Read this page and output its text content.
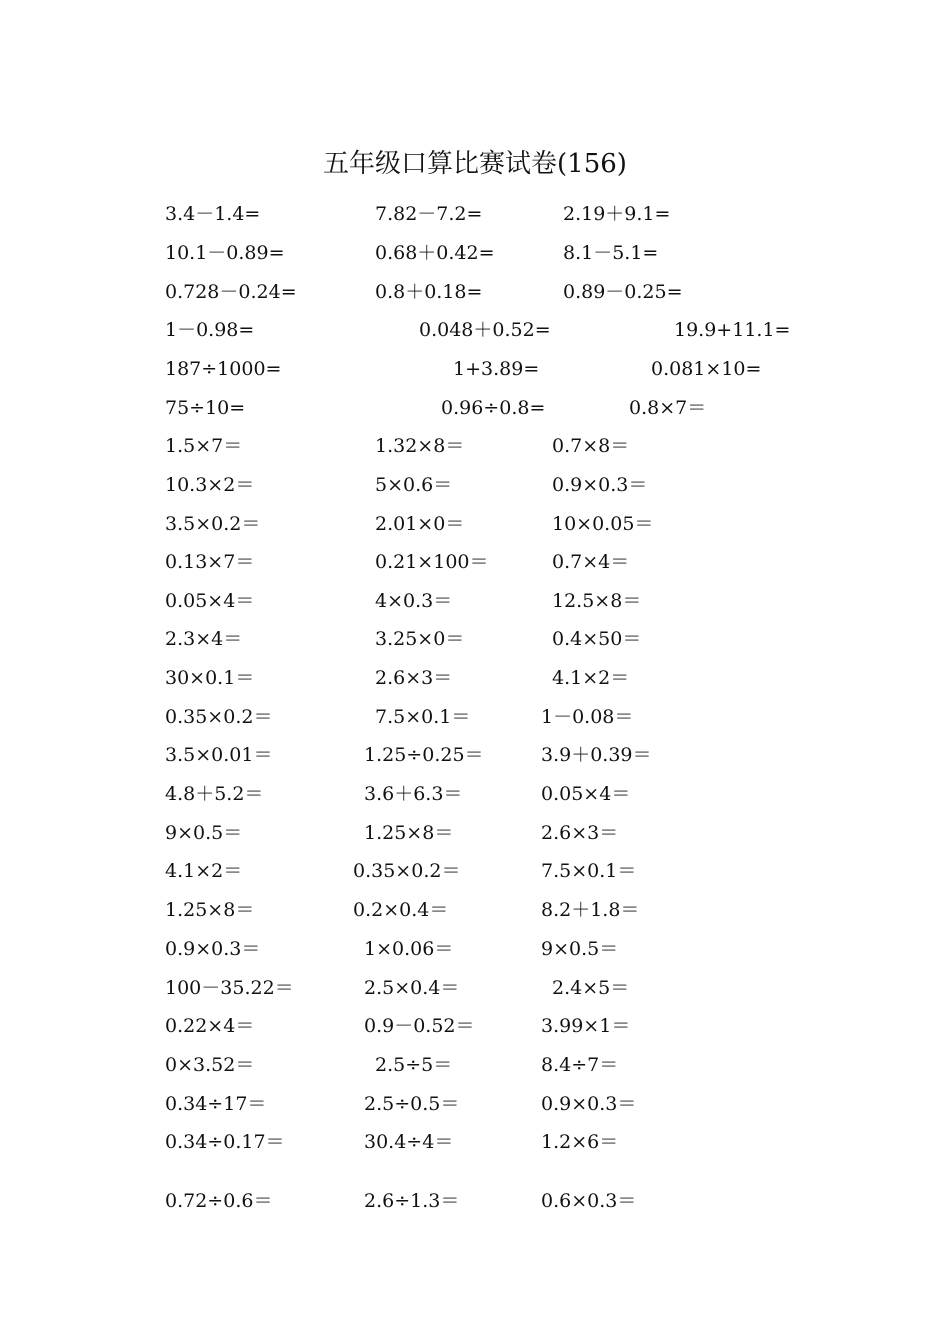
五年级口算比赛试卷(156)
3.4－1.4=	7.82－7.2=	2.19＋9.1=
10.1－0.89=	0.68＋0.42=	8.1－5.1=
0.728－0.24=	0.8＋0.18=	0.89－0.25=
1－0.98=	0.048＋0.52=	19.9+11.1=
187÷1000=	1+3.89=	0.081×10=
75÷10=	0.96÷0.8=	0.8×7＝
1.5×7＝	1.32×8＝	0.7×8＝
10.3×2＝	5×0.6＝	0.9×0.3＝
3.5×0.2＝	2.01×0＝	10×0.05＝
0.13×7＝	0.21×100＝	0.7×4＝
0.05×4＝	4×0.3＝	12.5×8＝
2.3×4＝	3.25×0＝	0.4×50＝
30×0.1＝	2.6×3＝	4.1×2＝
0.35×0.2＝	7.5×0.1＝	1－0.08＝
3.5×0.01＝	1.25÷0.25＝	3.9＋0.39＝
4.8＋5.2＝	3.6＋6.3＝	0.05×4＝
9×0.5＝	1.25×8＝	2.6×3＝
4.1×2＝	0.35×0.2＝	7.5×0.1＝
1.25×8＝	0.2×0.4＝	8.2＋1.8＝
0.9×0.3＝	1×0.06＝	9×0.5＝
100－35.22＝	2.5×0.4＝	2.4×5＝
0.22×4＝	0.9－0.52＝	3.99×1＝
0×3.52＝	2.5÷5＝	8.4÷7＝
0.34÷17＝	2.5÷0.5＝	0.9×0.3＝
0.34÷0.17＝	30.4÷4＝	1.2×6＝
0.72÷0.6＝	2.6÷1.3＝	0.6×0.3＝
